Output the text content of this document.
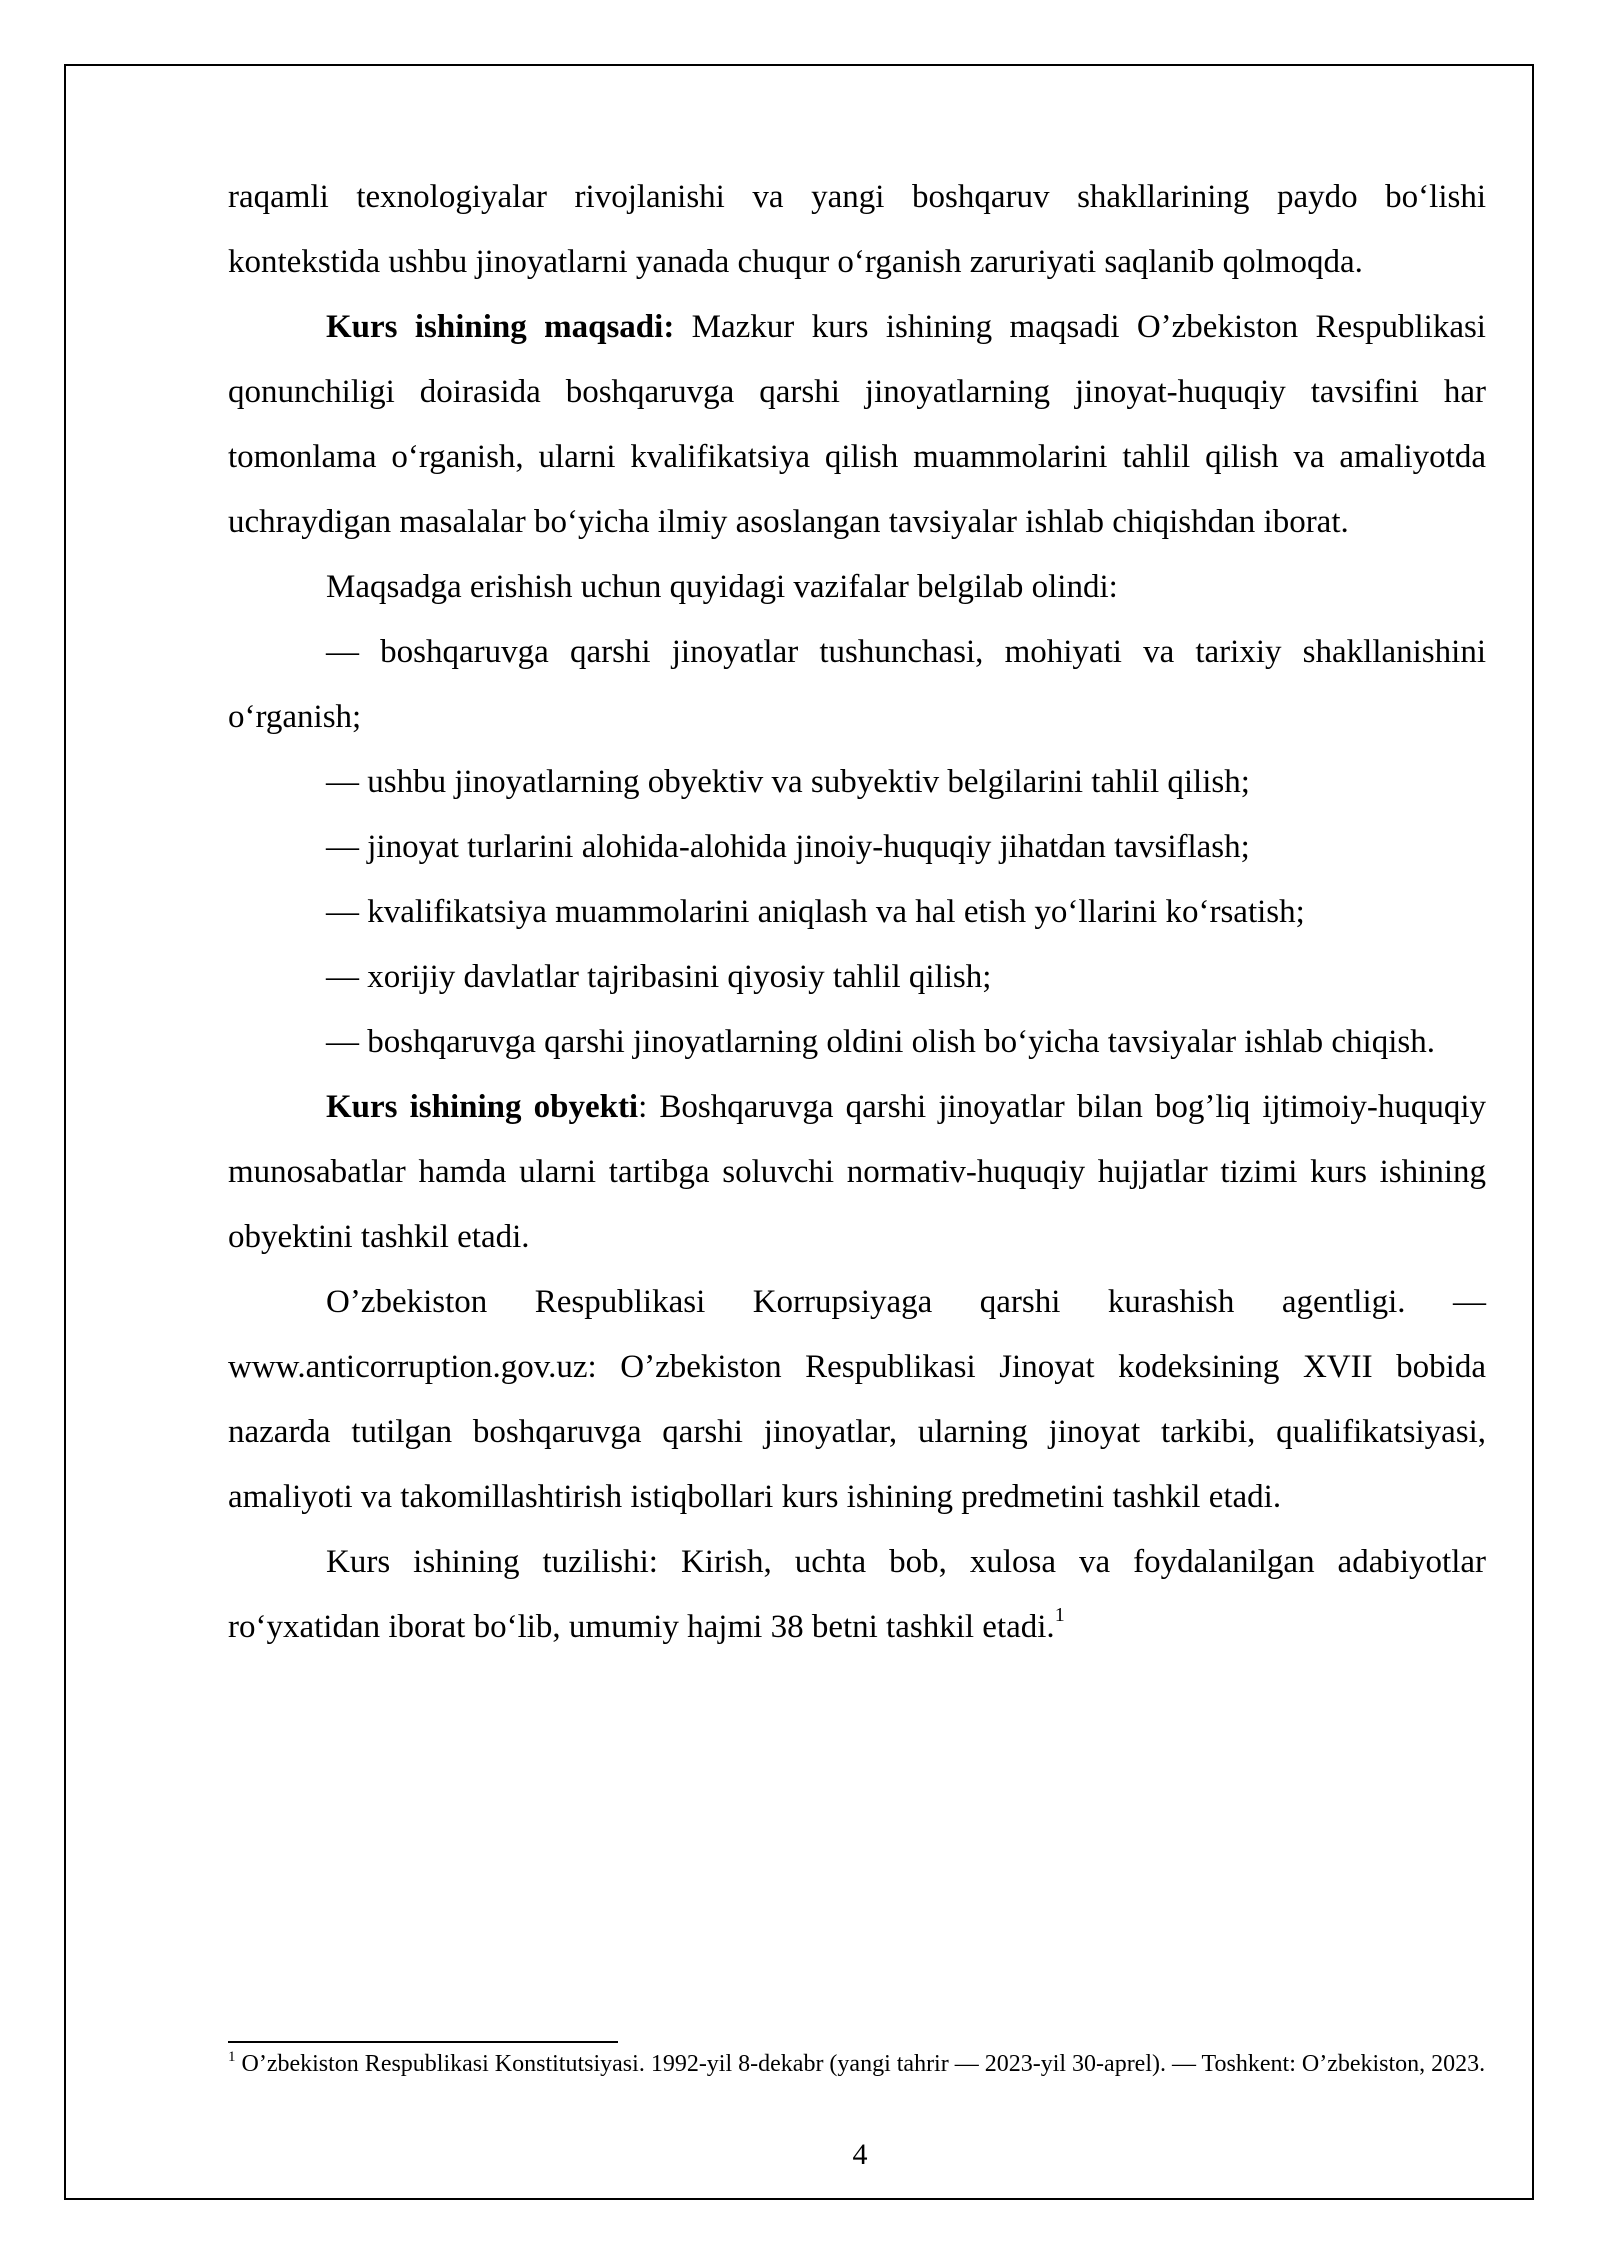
raqamli texnologiyalar rivojlanishi va yangi boshqaruv shakllarining paydo boʻlishi kontekstida ushbu jinoyatlarni yanada chuqur oʻrganish zaruriyati saqlanib qolmoqda.

Kurs ishining maqsadi: Mazkur kurs ishining maqsadi Oʼzbekiston Respublikasi qonunchiligi doirasida boshqaruvga qarshi jinoyatlarning jinoyat-huquqiy tavsifini har tomonlama oʻrganish, ularni kvalifikatsiya qilish muammolarini tahlil qilish va amaliyotda uchraydigan masalalar boʻyicha ilmiy asoslangan tavsiyalar ishlab chiqishdan iborat.

Maqsadga erishish uchun quyidagi vazifalar belgilab olindi:

— boshqaruvga qarshi jinoyatlar tushunchasi, mohiyati va tarixiy shakllanishini oʻrganish;

— ushbu jinoyatlarning obyektiv va subyektiv belgilarini tahlil qilish;

— jinoyat turlarini alohida-alohida jinoiy-huquqiy jihatdan tavsiflash;

— kvalifikatsiya muammolarini aniqlash va hal etish yoʻllarini koʻrsatish;

— xorijiy davlatlar tajribasini qiyosiy tahlil qilish;

— boshqaruvga qarshi jinoyatlarning oldini olish boʻyicha tavsiyalar ishlab chiqish.

Kurs ishining obyekti: Boshqaruvga qarshi jinoyatlar bilan bogʼliq ijtimoiy-huquqiy munosabatlar hamda ularni tartibga soluvchi normativ-huquqiy hujjatlar tizimi kurs ishining obyektini tashkil etadi.

Oʼzbekiston Respublikasi Korrupsiyaga qarshi kurashish agentligi. — www.anticorruption.gov.uz: Oʼzbekiston Respublikasi Jinoyat kodeksining XVII bobida nazarda tutilgan boshqaruvga qarshi jinoyatlar, ularning jinoyat tarkibi, qualifikatsiyasi, amaliyoti va takomillashtirish istiqbollari kurs ishining predmetini tashkil etadi.

Kurs ishining tuzilishi: Kirish, uchta bob, xulosa va foydalanilgan adabiyotlar roʻyxatidan iborat boʻlib, umumiy hajmi 38 betni tashkil etadi.$^1$

$^1$ Oʼzbekiston Respublikasi Konstitutsiyasi. 1992-yil 8-dekabr (yangi tahrir — 2023-yil 30-aprel). — Toshkent: Oʼzbekiston, 2023.
4
